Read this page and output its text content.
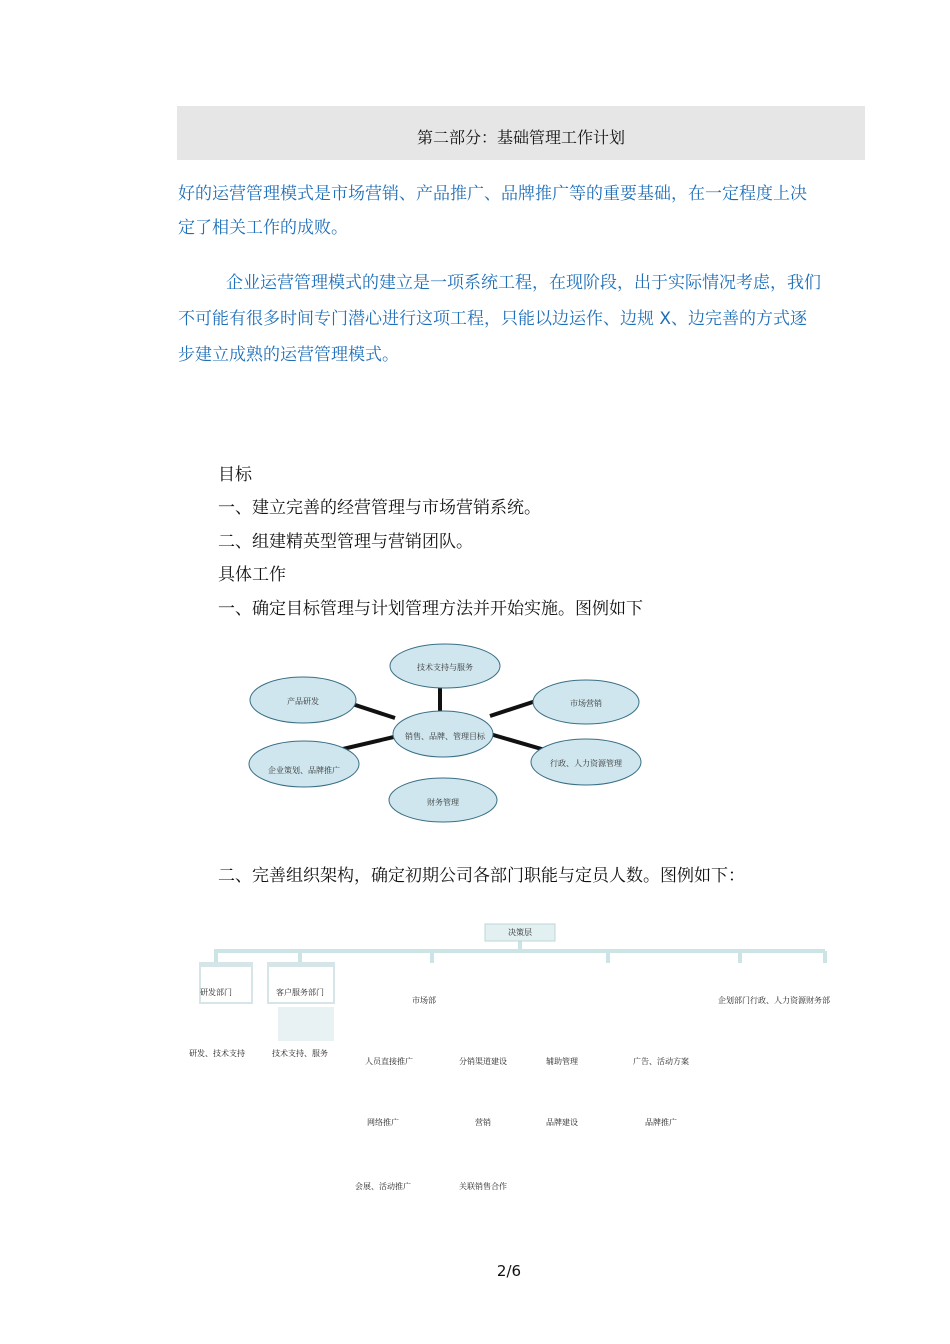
第二部分：基础管理工作计划
好的运营管理模式是市场营销、产品推广、品牌推广等的重要基础，在一定程度上决
定了相关工作的成败。
企业运营管理模式的建立是一项系统工程，在现阶段，出于实际情况考虑，我们
不可能有很多时间专门潜心进行这项工程，只能以边运作、边规 X、边完善的方式逐
步建立成熟的运营管理模式。
目标
一、建立完善的经营管理与市场营销系统。
二、组建精英型管理与营销团队。
具体工作
一、确定目标管理与计划管理方法并开始实施。图例如下
技术支持与服务
产品研发	市场营销
销售、品牌、管理目标
企业策划、品牌推广
行政、人力资源管理
财务管理
二、完善组织架构，确定初期公司各部门职能与定员人数。图例如下：
决策层
研发部门	客户服务部门
市场部	企划部门行政、人力资源财务部
研发、技术支持	技术支持、服务
人员直接推广	分销渠道建设	辅助管理	广告、活动方案
网络推广	营销	品牌建设	品牌推广
会展、活动推广	关联销售合作
2/6
